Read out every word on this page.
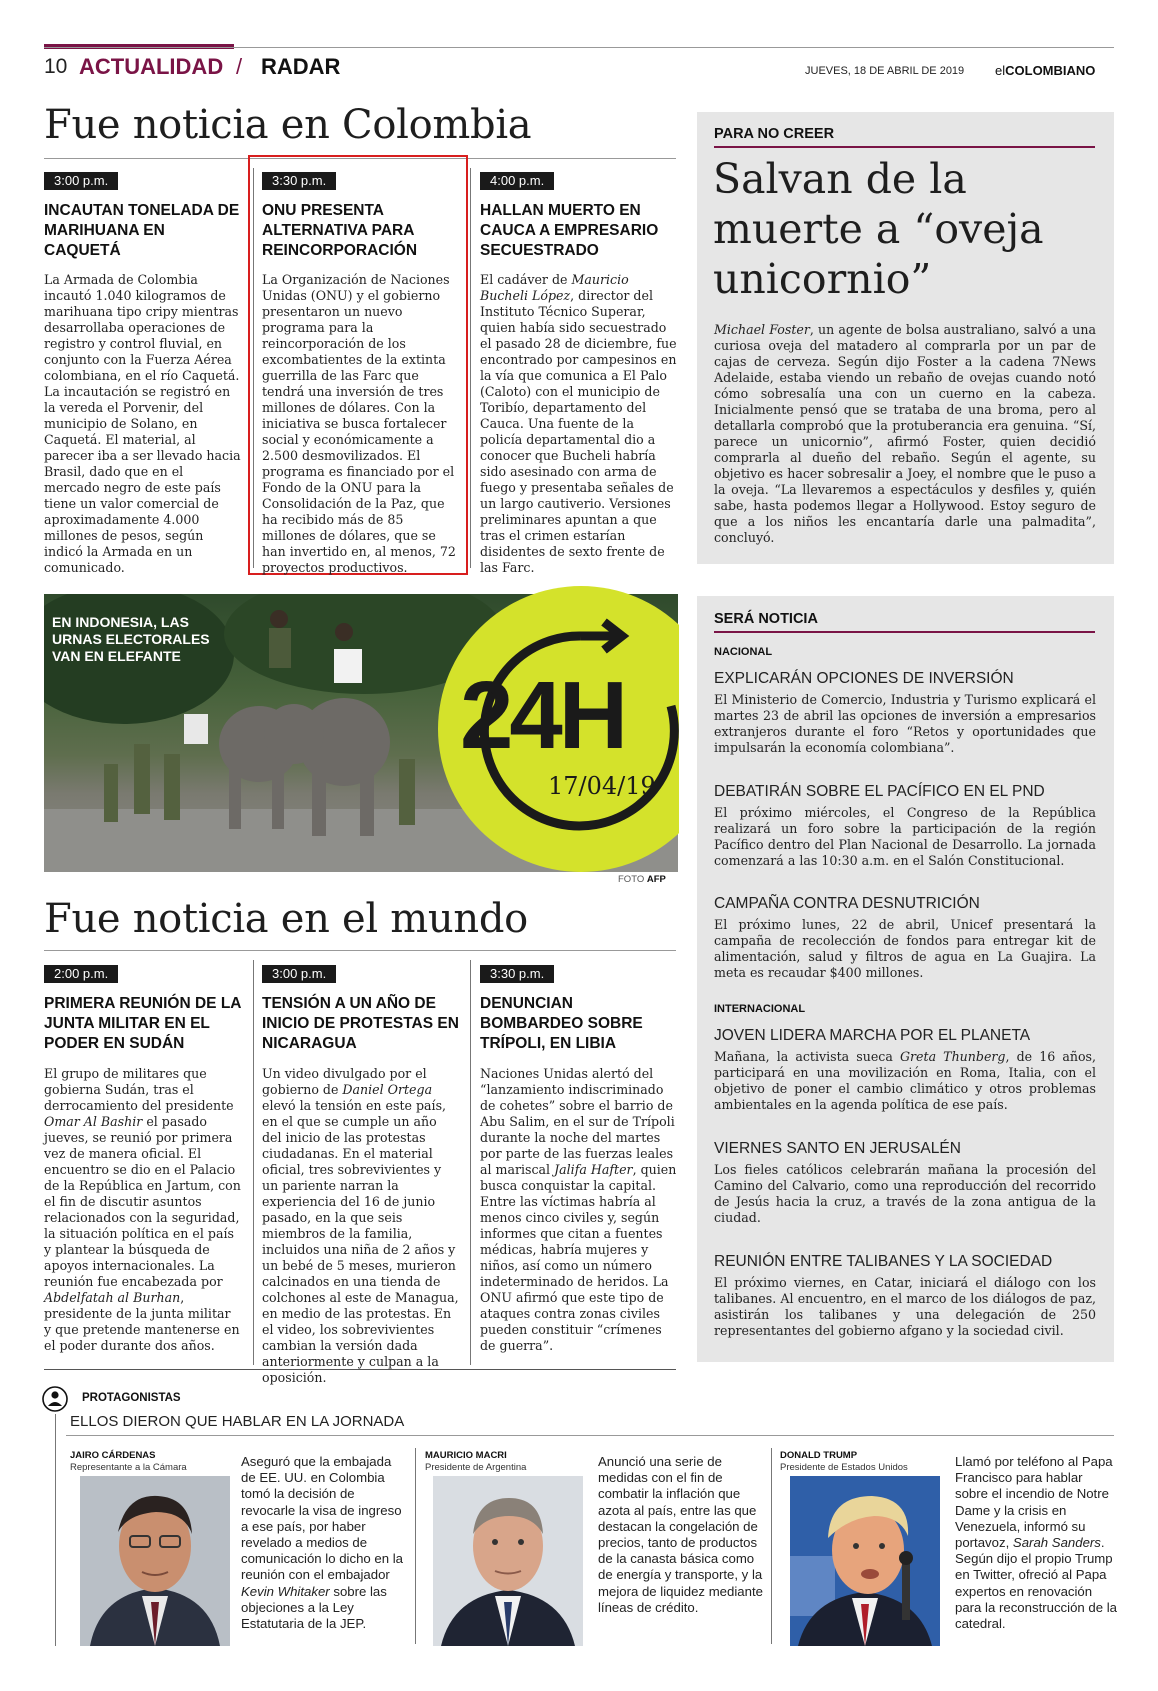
10 ACTUALIDAD / RADAR	JUEVES, 18 DE ABRIL DE 2019 elCOLOMBIANO
Fue noticia en Colombia
3:00 p.m.
INCAUTAN TONELADA DE MARIHUANA EN CAQUETÁ
La Armada de Colombia incautó 1.040 kilogramos de marihuana tipo cripy mientras desarrollaba operaciones de registro y control fluvial, en conjunto con la Fuerza Aérea colombiana, en el río Caquetá. La incautación se registró en la vereda el Porvenir, del municipio de Solano, en Caquetá. El material, al parecer iba a ser llevado hacia Brasil, dado que en el mercado negro de este país tiene un valor comercial de aproximadamente 4.000 millones de pesos, según indicó la Armada en un comunicado.
3:30 p.m.
ONU PRESENTA ALTERNATIVA PARA REINCORPORACIÓN
La Organización de Naciones Unidas (ONU) y el gobierno presentaron un nuevo programa para la reincorporación de los excombatientes de la extinta guerrilla de las Farc que tendrá una inversión de tres millones de dólares. Con la iniciativa se busca fortalecer social y económicamente a 2.500 desmovilizados. El programa es financiado por el Fondo de la ONU para la Consolidación de la Paz, que ha recibido más de 85 millones de dólares, que se han invertido en, al menos, 72 proyectos productivos.
4:00 p.m.
HALLAN MUERTO EN CAUCA A EMPRESARIO SECUESTRADO
El cadáver de Mauricio Bucheli López, director del Instituto Técnico Superar, quien había sido secuestrado el pasado 28 de diciembre, fue encontrado por campesinos en la vía que comunica a El Palo (Caloto) con el municipio de Toribío, departamento del Cauca. Una fuente de la policía departamental dio a conocer que Bucheli habría sido asesinado con arma de fuego y presentaba señales de un largo cautiverio. Versiones preliminares apuntan a que tras el crimen estarían disidentes de sexto frente de las Farc.
PARA NO CREER
Salvan de la
muerte a “oveja
unicornio”
Michael Foster, un agente de bolsa australiano, salvó a una curiosa oveja del matadero al comprarla por un par de cajas de cerveza. Según dijo Foster a la cadena 7News Adelaide, estaba viendo un rebaño de ovejas cuando notó cómo sobresalía una con un cuerno en la cabeza. Inicialmente pensó que se trataba de una broma, pero al detallarla comprobó que la protuberancia era genuina. “Sí, parece un unicornio”, afirmó Foster, quien decidió comprarla al dueño del rebaño. Según el agente, su objetivo es hacer sobresalir a Joey, el nombre que le puso a la oveja. “La llevaremos a espectáculos y desfiles y, quién sabe, hasta podemos llegar a Hollywood. Estoy seguro de que a los niños les encantaría darle una palmadita”, concluyó.
EN INDONESIA, LAS URNAS ELECTORALES VAN EN ELEFANTE
24H
17/04/19
FOTO AFP
SERÁ NOTICIA
NACIONAL
EXPLICARÁN OPCIONES DE INVERSIÓN
El Ministerio de Comercio, Industria y Turismo explicará el martes 23 de abril las opciones de inversión a empresarios extranjeros durante el foro “Retos y oportunidades que impulsarán la economía colombiana”.
DEBATIRÁN SOBRE EL PACÍFICO EN EL PND
El próximo miércoles, el Congreso de la República realizará un foro sobre la participación de la región Pacífico dentro del Plan Nacional de Desarrollo. La jornada comenzará a las 10:30 a.m. en el Salón Constitucional.
CAMPAÑA CONTRA DESNUTRICIÓN
El próximo lunes, 22 de abril, Unicef presentará la campaña de recolección de fondos para entregar kit de alimentación, salud y filtros de agua en La Guajira. La meta es recaudar $400 millones.
INTERNACIONAL
JOVEN LIDERA MARCHA POR EL PLANETA
Mañana, la activista sueca Greta Thunberg, de 16 años, participará en una movilización en Roma, Italia, con el objetivo de poner el cambio climático y otros problemas ambientales en la agenda política de ese país.
VIERNES SANTO EN JERUSALÉN
Los fieles católicos celebrarán mañana la procesión del Camino del Calvario, como una reproducción del recorrido de Jesús hacia la cruz, a través de la zona antigua de la ciudad.
REUNIÓN ENTRE TALIBANES Y LA SOCIEDAD
El próximo viernes, en Catar, iniciará el diálogo con los talibanes. Al encuentro, en el marco de los diálogos de paz, asistirán los talibanes y una delegación de 250 representantes del gobierno afgano y la sociedad civil.
Fue noticia en el mundo
2:00 p.m.
PRIMERA REUNIÓN DE LA JUNTA MILITAR EN EL PODER EN SUDÁN
El grupo de militares que gobierna Sudán, tras el derrocamiento del presidente Omar Al Bashir el pasado jueves, se reunió por primera vez de manera oficial. El encuentro se dio en el Palacio de la República en Jartum, con el fin de discutir asuntos relacionados con la seguridad, la situación política en el país y plantear la búsqueda de apoyos internacionales. La reunión fue encabezada por Abdelfatah al Burhan, presidente de la junta militar y que pretende mantenerse en el poder durante dos años.
3:00 p.m.
TENSIÓN A UN AÑO DE INICIO DE PROTESTAS EN NICARAGUA
Un video divulgado por el gobierno de Daniel Ortega elevó la tensión en este país, en el que se cumple un año del inicio de las protestas ciudadanas. En el material oficial, tres sobrevivientes y un pariente narran la experiencia del 16 de junio pasado, en la que seis miembros de la familia, incluidos una niña de 2 años y un bebé de 5 meses, murieron calcinados en una tienda de colchones al este de Managua, en medio de las protestas. En el video, los sobrevivientes cambian la versión dada anteriormente y culpan a la oposición.
3:30 p.m.
DENUNCIAN BOMBARDEO SOBRE TRÍPOLI, EN LIBIA
Naciones Unidas alertó del “lanzamiento indiscriminado de cohetes” sobre el barrio de Abu Salim, en el sur de Trípoli durante la noche del martes por parte de las fuerzas leales al mariscal Jalifa Hafter, quien busca conquistar la capital. Entre las víctimas habría al menos cinco civiles y, según informes que citan a fuentes médicas, habría mujeres y niños, así como un número indeterminado de heridos. La ONU afirmó que este tipo de ataques contra zonas civiles pueden constituir “crímenes de guerra”.
PROTAGONISTAS
ELLOS DIERON QUE HABLAR EN LA JORNADA
JAIRO CÁRDENAS
Representante a la Cámara	Aseguró que la embajada de EE. UU. en Colombia tomó la decisión de revocarle la visa de ingreso a ese país, por haber revelado a medios de comunicación lo dicho en la reunión con el embajador Kevin Whitaker sobre las objeciones a la Ley Estatutaria de la JEP.
MAURICIO MACRI
Presidente de Argentina	Anunció una serie de medidas con el fin de combatir la inflación que azota al país, entre las que destacan la congelación de precios, tanto de productos de la canasta básica como de energía y transporte, y la mejora de liquidez mediante líneas de crédito.
DONALD TRUMP
Presidente de Estados Unidos	Llamó por teléfono al Papa Francisco para hablar sobre el incendio de Notre Dame y la crisis en Venezuela, informó su portavoz, Sarah Sanders. Según dijo el propio Trump en Twitter, ofreció al Papa expertos en renovación para la reconstrucción de la catedral.
